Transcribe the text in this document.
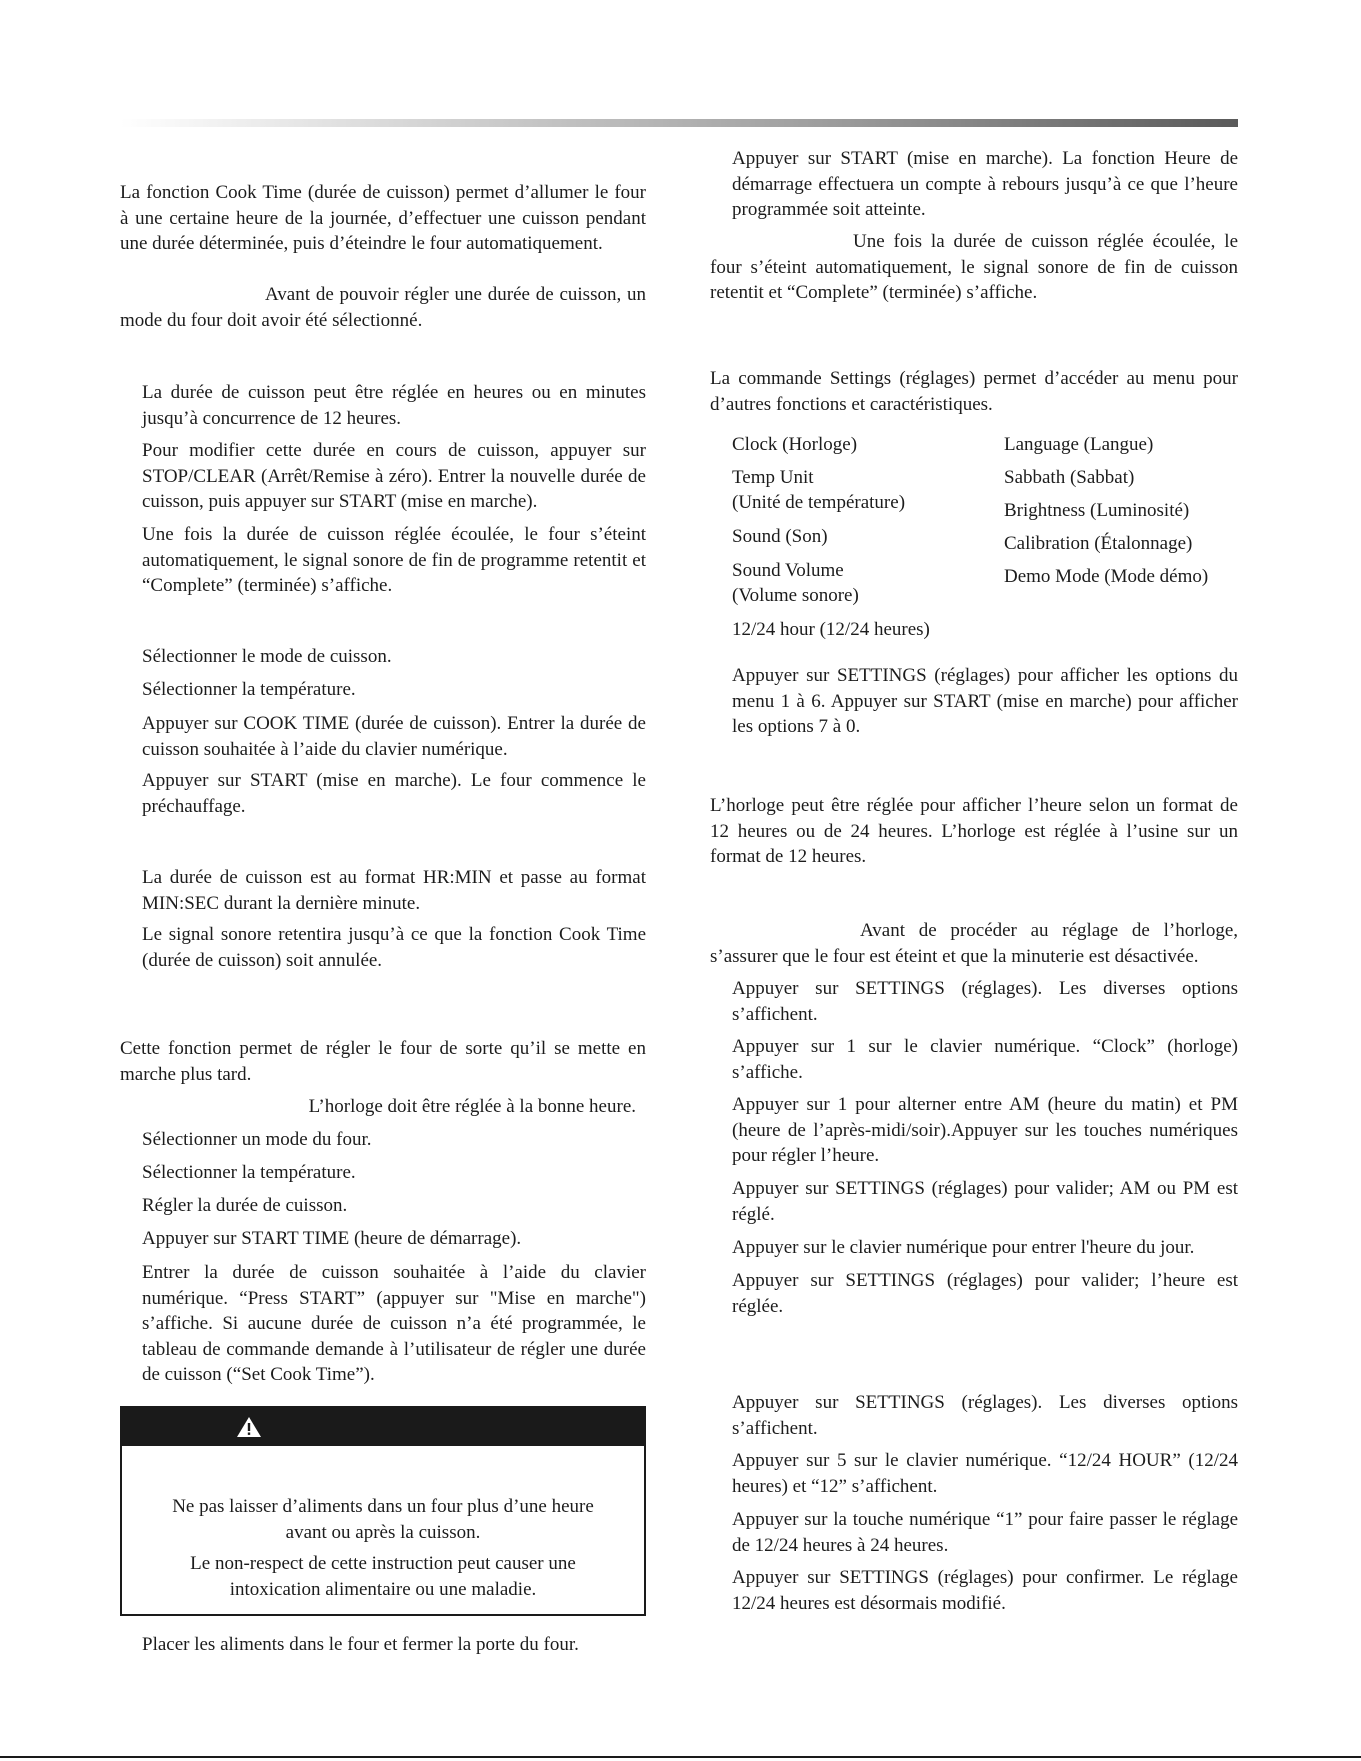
La fonction Cook Time (durée de cuisson) permet d’allumer le four à une certaine heure de la journée, d’effectuer une cuisson pendant une durée déterminée, puis d’éteindre le four automatiquement.

Avant de pouvoir régler une durée de cuisson, un mode du four doit avoir été sélectionné.

La durée de cuisson peut être réglée en heures ou en minutes jusqu’à concurrence de 12 heures.

Pour modifier cette durée en cours de cuisson, appuyer sur STOP/CLEAR (Arrêt/Remise à zéro). Entrer la nouvelle durée de cuisson, puis appuyer sur START (mise en marche).

Une fois la durée de cuisson réglée écoulée, le four s’éteint automatiquement, le signal sonore de fin de programme retentit et “Complete” (terminée) s’affiche.

Sélectionner le mode de cuisson.

Sélectionner la température.

Appuyer sur COOK TIME (durée de cuisson). Entrer la durée de cuisson souhaitée à l’aide du clavier numérique.

Appuyer sur START (mise en marche). Le four commence le préchauffage.

La durée de cuisson est au format HR:MIN et passe au format MIN:SEC durant la dernière minute.

Le signal sonore retentira jusqu’à ce que la fonction Cook Time (durée de cuisson) soit annulée.

Cette fonction permet de régler le four de sorte qu’il se mette en marche plus tard.

L’horloge doit être réglée à la bonne heure.

Sélectionner un mode du four.

Sélectionner la température.

Régler la durée de cuisson.

Appuyer sur START TIME (heure de démarrage).

Entrer la durée de cuisson souhaitée à l’aide du clavier numérique. “Press START” (appuyer sur "Mise en marche") s’affiche. Si aucune durée de cuisson n’a été programmée, le tableau de commande demande à l’utilisateur de régler une durée de cuisson (“Set Cook Time”).

Ne pas laisser d’aliments dans un four plus d’une heure avant ou après la cuisson.

Le non-respect de cette instruction peut causer une intoxication alimentaire ou une maladie.

Placer les aliments dans le four et fermer la porte du four.

Appuyer sur START (mise en marche). La fonction Heure de démarrage effectuera un compte à rebours jusqu’à ce que l’heure programmée soit atteinte.

Une fois la durée de cuisson réglée écoulée, le four s’éteint automatiquement, le signal sonore de fin de cuisson retentit et “Complete” (terminée) s’affiche.

La commande Settings (réglages) permet d’accéder au menu pour d’autres fonctions et caractéristiques.

Clock (Horloge)

Temp Unit

(Unité de température)

Sound (Son)

Sound Volume

(Volume sonore)

12/24 hour (12/24 heures)

Language (Langue)

Sabbath (Sabbat)

Brightness (Luminosité)

Calibration (Étalonnage)

Demo Mode (Mode démo)

Appuyer sur SETTINGS (réglages) pour afficher les options du menu 1 à 6. Appuyer sur START (mise en marche) pour afficher les options 7 à 0.

L’horloge peut être réglée pour afficher l’heure selon un format de 12 heures ou de 24 heures. L’horloge est réglée à l’usine sur un format de 12 heures.

Avant de procéder au réglage de l’horloge, s’assurer que le four est éteint et que la minuterie est désactivée.

Appuyer sur SETTINGS (réglages). Les diverses options s’affichent.

Appuyer sur 1 sur le clavier numérique. “Clock” (horloge) s’affiche.

Appuyer sur 1 pour alterner entre AM (heure du matin) et PM (heure de l’après-midi/soir).Appuyer sur les touches numériques pour régler l’heure.

Appuyer sur SETTINGS (réglages) pour valider; AM ou PM est réglé.

Appuyer sur le clavier numérique pour entrer l'heure du jour.

Appuyer sur SETTINGS (réglages) pour valider; l’heure est réglée.

Appuyer sur SETTINGS (réglages). Les diverses options s’affichent.

Appuyer sur 5 sur le clavier numérique. “12/24 HOUR” (12/24 heures) et “12” s’affichent.

Appuyer sur la touche numérique “1” pour faire passer le réglage de 12/24 heures à 24 heures.

Appuyer sur SETTINGS (réglages) pour confirmer. Le réglage 12/24 heures est désormais modifié.
